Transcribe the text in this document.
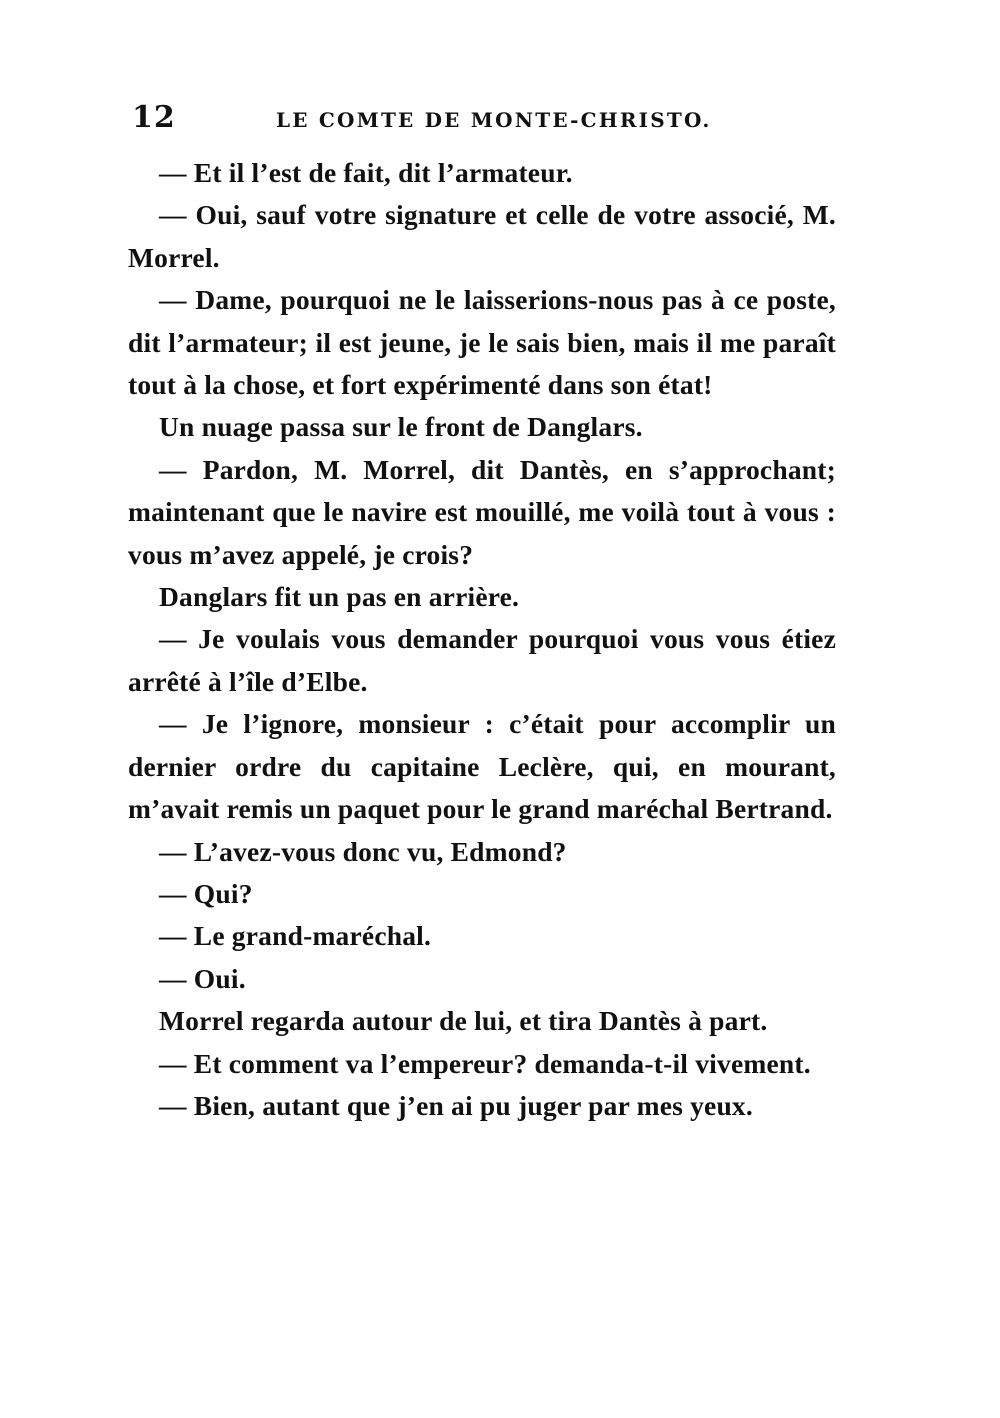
12	LE COMTE DE MONTE-CHRISTO.

— Et il l’est de fait, dit l’armateur.

— Oui, sauf votre signature et celle de votre associé, M. Morrel.

— Dame, pourquoi ne le laisserions-nous pas à ce poste, dit l’armateur; il est jeune, je le sais bien, mais il me paraît tout à la chose, et fort expérimenté dans son état!

Un nuage passa sur le front de Danglars.

— Pardon, M. Morrel, dit Dantès, en s’approchant; maintenant que le navire est mouillé, me voilà tout à vous : vous m’avez appelé, je crois?

Danglars fit un pas en arrière.

— Je voulais vous demander pourquoi vous vous étiez arrêté à l’île d’Elbe.

— Je l’ignore, monsieur : c’était pour accomplir un dernier ordre du capitaine Leclère, qui, en mourant, m’avait remis un paquet pour le grand maréchal Bertrand.

— L’avez-vous donc vu, Edmond?

— Qui?

— Le grand-maréchal.

— Oui.

Morrel regarda autour de lui, et tira Dantès à part.

— Et comment va l’empereur? demanda-t-il vivement.

— Bien, autant que j’en ai pu juger par mes yeux.
